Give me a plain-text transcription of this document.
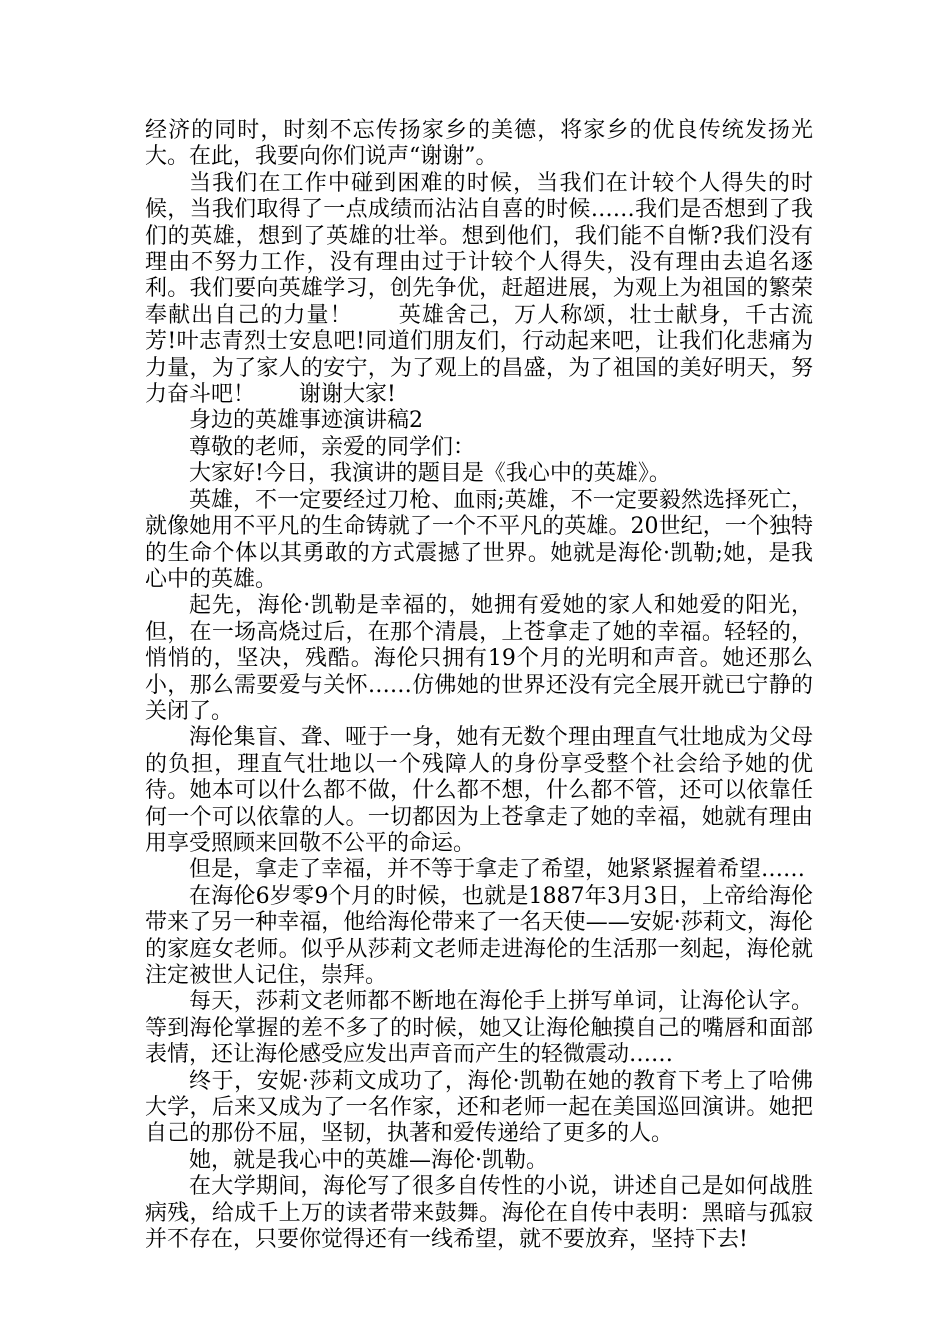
经济的同时，时刻不忘传扬家乡的美德，将家乡的优良传统发扬光大。在此，我要向你们说声“谢谢”。

当我们在工作中碰到困难的时候，当我们在计较个人得失的时候，当我们取得了一点成绩而沾沾自喜的时候……我们是否想到了我们的英雄，想到了英雄的壮举。想到他们，我们能不自惭?我们没有理由不努力工作，没有理由过于计较个人得失，没有理由去追名逐利。我们要向英雄学习，创先争优，赶超进展，为观上为祖国的繁荣奉献出自己的力量！　　英雄舍己，万人称颂，壮士献身，千古流芳!叶志青烈士安息吧!同道们朋友们，行动起来吧，让我们化悲痛为力量，为了家人的安宁，为了观上的昌盛，为了祖国的美好明天，努力奋斗吧！　　谢谢大家!

身边的英雄事迹演讲稿2

尊敬的老师，亲爱的同学们：

大家好!今日，我演讲的题目是《我心中的英雄》。

英雄，不一定要经过刀枪、血雨;英雄，不一定要毅然选择死亡，就像她用不平凡的生命铸就了一个不平凡的英雄。20世纪，一个独特的生命个体以其勇敢的方式震撼了世界。她就是海伦·凯勒;她，是我心中的英雄。

起先，海伦·凯勒是幸福的，她拥有爱她的家人和她爱的阳光，但，在一场高烧过后，在那个清晨，上苍拿走了她的幸福。轻轻的，悄悄的，坚决，残酷。海伦只拥有19个月的光明和声音。她还那么小，那么需要爱与关怀……仿佛她的世界还没有完全展开就已宁静的关闭了。

海伦集盲、聋、哑于一身，她有无数个理由理直气壮地成为父母的负担，理直气壮地以一个残障人的身份享受整个社会给予她的优待。她本可以什么都不做，什么都不想，什么都不管，还可以依靠任何一个可以依靠的人。一切都因为上苍拿走了她的幸福，她就有理由用享受照顾来回敬不公平的命运。

但是，拿走了幸福，并不等于拿走了希望，她紧紧握着希望……

在海伦6岁零9个月的时候，也就是1887年3月3日，上帝给海伦带来了另一种幸福，他给海伦带来了一名天使——安妮·莎莉文，海伦的家庭女老师。似乎从莎莉文老师走进海伦的生活那一刻起，海伦就注定被世人记住，崇拜。

每天，莎莉文老师都不断地在海伦手上拼写单词，让海伦认字。等到海伦掌握的差不多了的时候，她又让海伦触摸自己的嘴唇和面部表情，还让海伦感受应发出声音而产生的轻微震动……

终于，安妮·莎莉文成功了，海伦·凯勒在她的教育下考上了哈佛大学，后来又成为了一名作家，还和老师一起在美国巡回演讲。她把自己的那份不屈，坚韧，执著和爱传递给了更多的人。

她，就是我心中的英雄—海伦·凯勒。

在大学期间，海伦写了很多自传性的小说，讲述自己是如何战胜病残，给成千上万的读者带来鼓舞。海伦在自传中表明：黑暗与孤寂并不存在，只要你觉得还有一线希望，就不要放弃，坚持下去!
